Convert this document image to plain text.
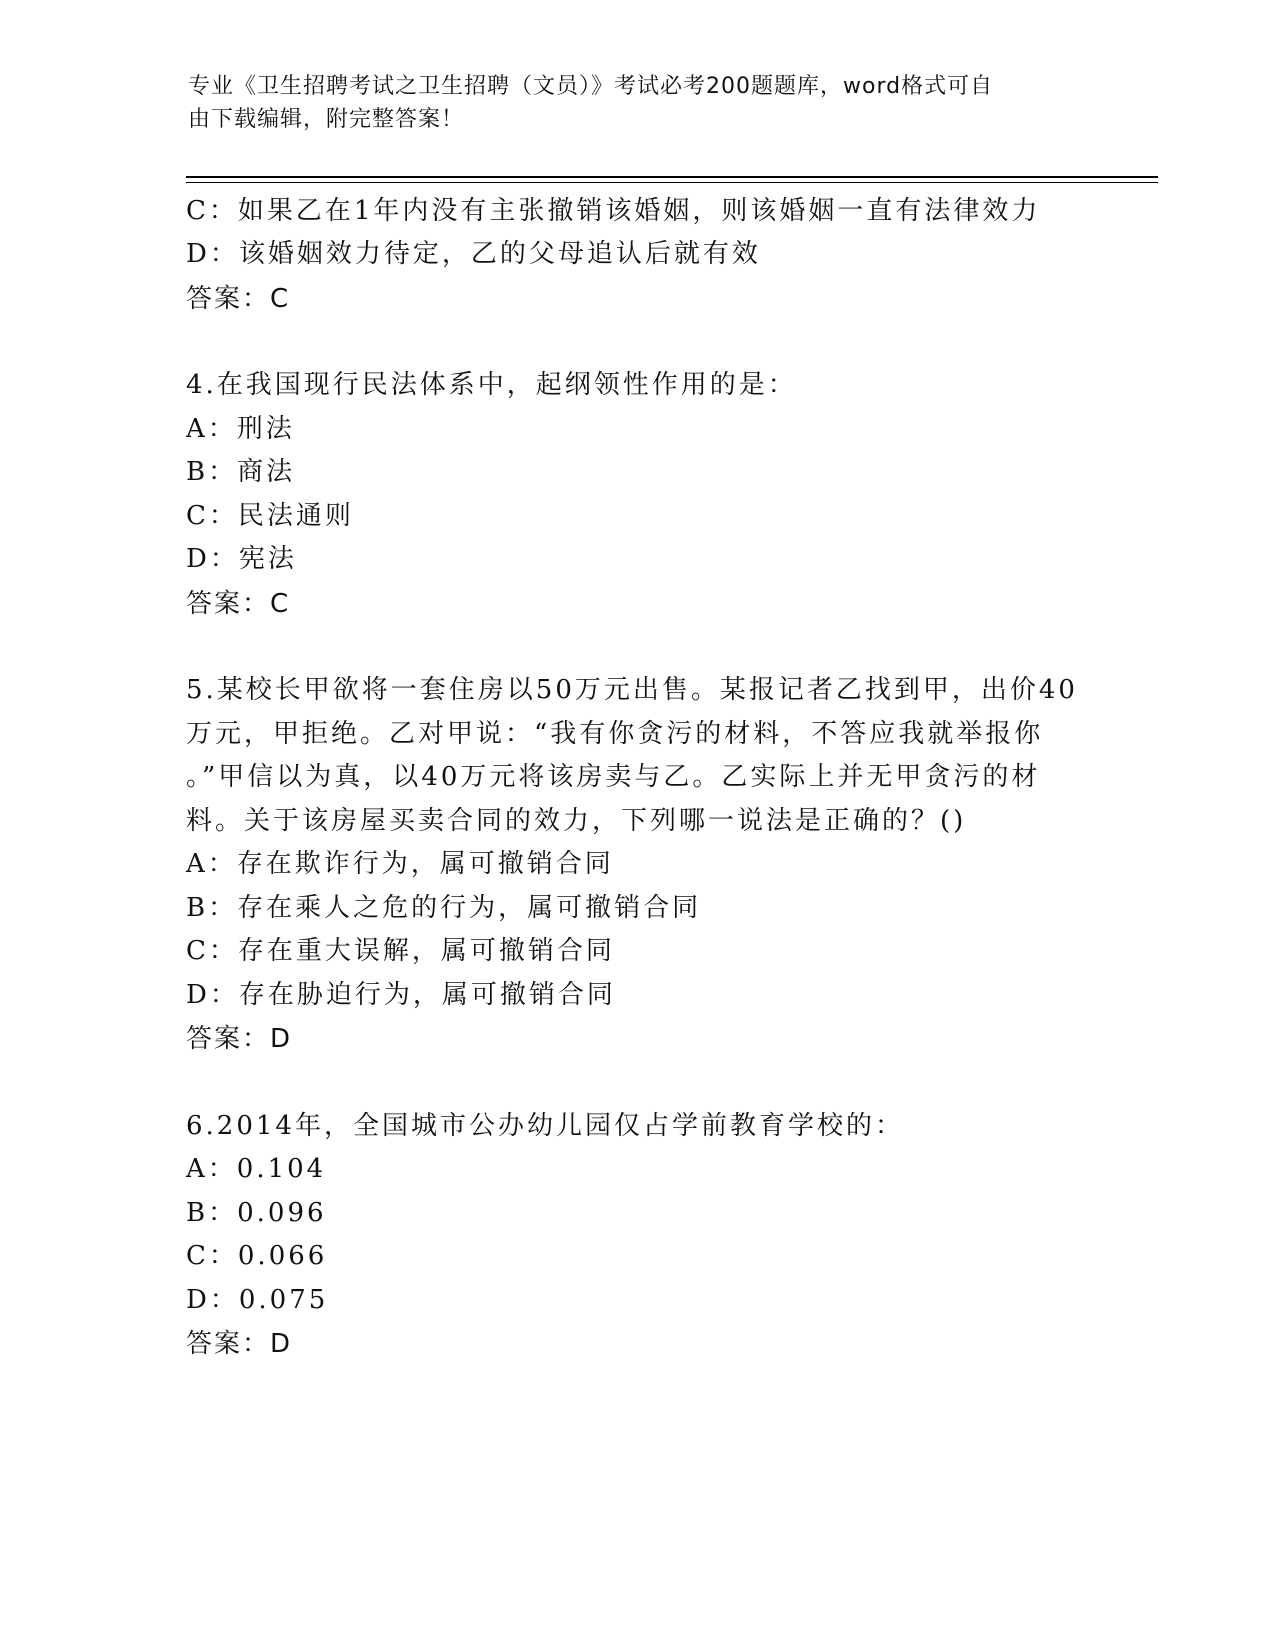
专业《卫生招聘考试之卫生招聘（文员）》考试必考200题题库，word格式可自
由下载编辑，附完整答案！
C：如果乙在1年内没有主张撤销该婚姻，则该婚姻一直有法律效力
D：该婚姻效力待定，乙的父母追认后就有效
答案：C
4.在我国现行民法体系中，起纲领性作用的是：
A：刑法
B：商法
C：民法通则
D：宪法
答案：C
5.某校长甲欲将一套住房以50万元出售。某报记者乙找到甲，出价40
万元，甲拒绝。乙对甲说：“我有你贪污的材料，不答应我就举报你
。”甲信以为真，以40万元将该房卖与乙。乙实际上并无甲贪污的材
料。关于该房屋买卖合同的效力，下列哪一说法是正确的？()
A：存在欺诈行为，属可撤销合同
B：存在乘人之危的行为，属可撤销合同
C：存在重大误解，属可撤销合同
D：存在胁迫行为，属可撤销合同
答案：D
6.2014年，全国城市公办幼儿园仅占学前教育学校的：
A：0.104
B：0.096
C：0.066
D：0.075
答案：D
